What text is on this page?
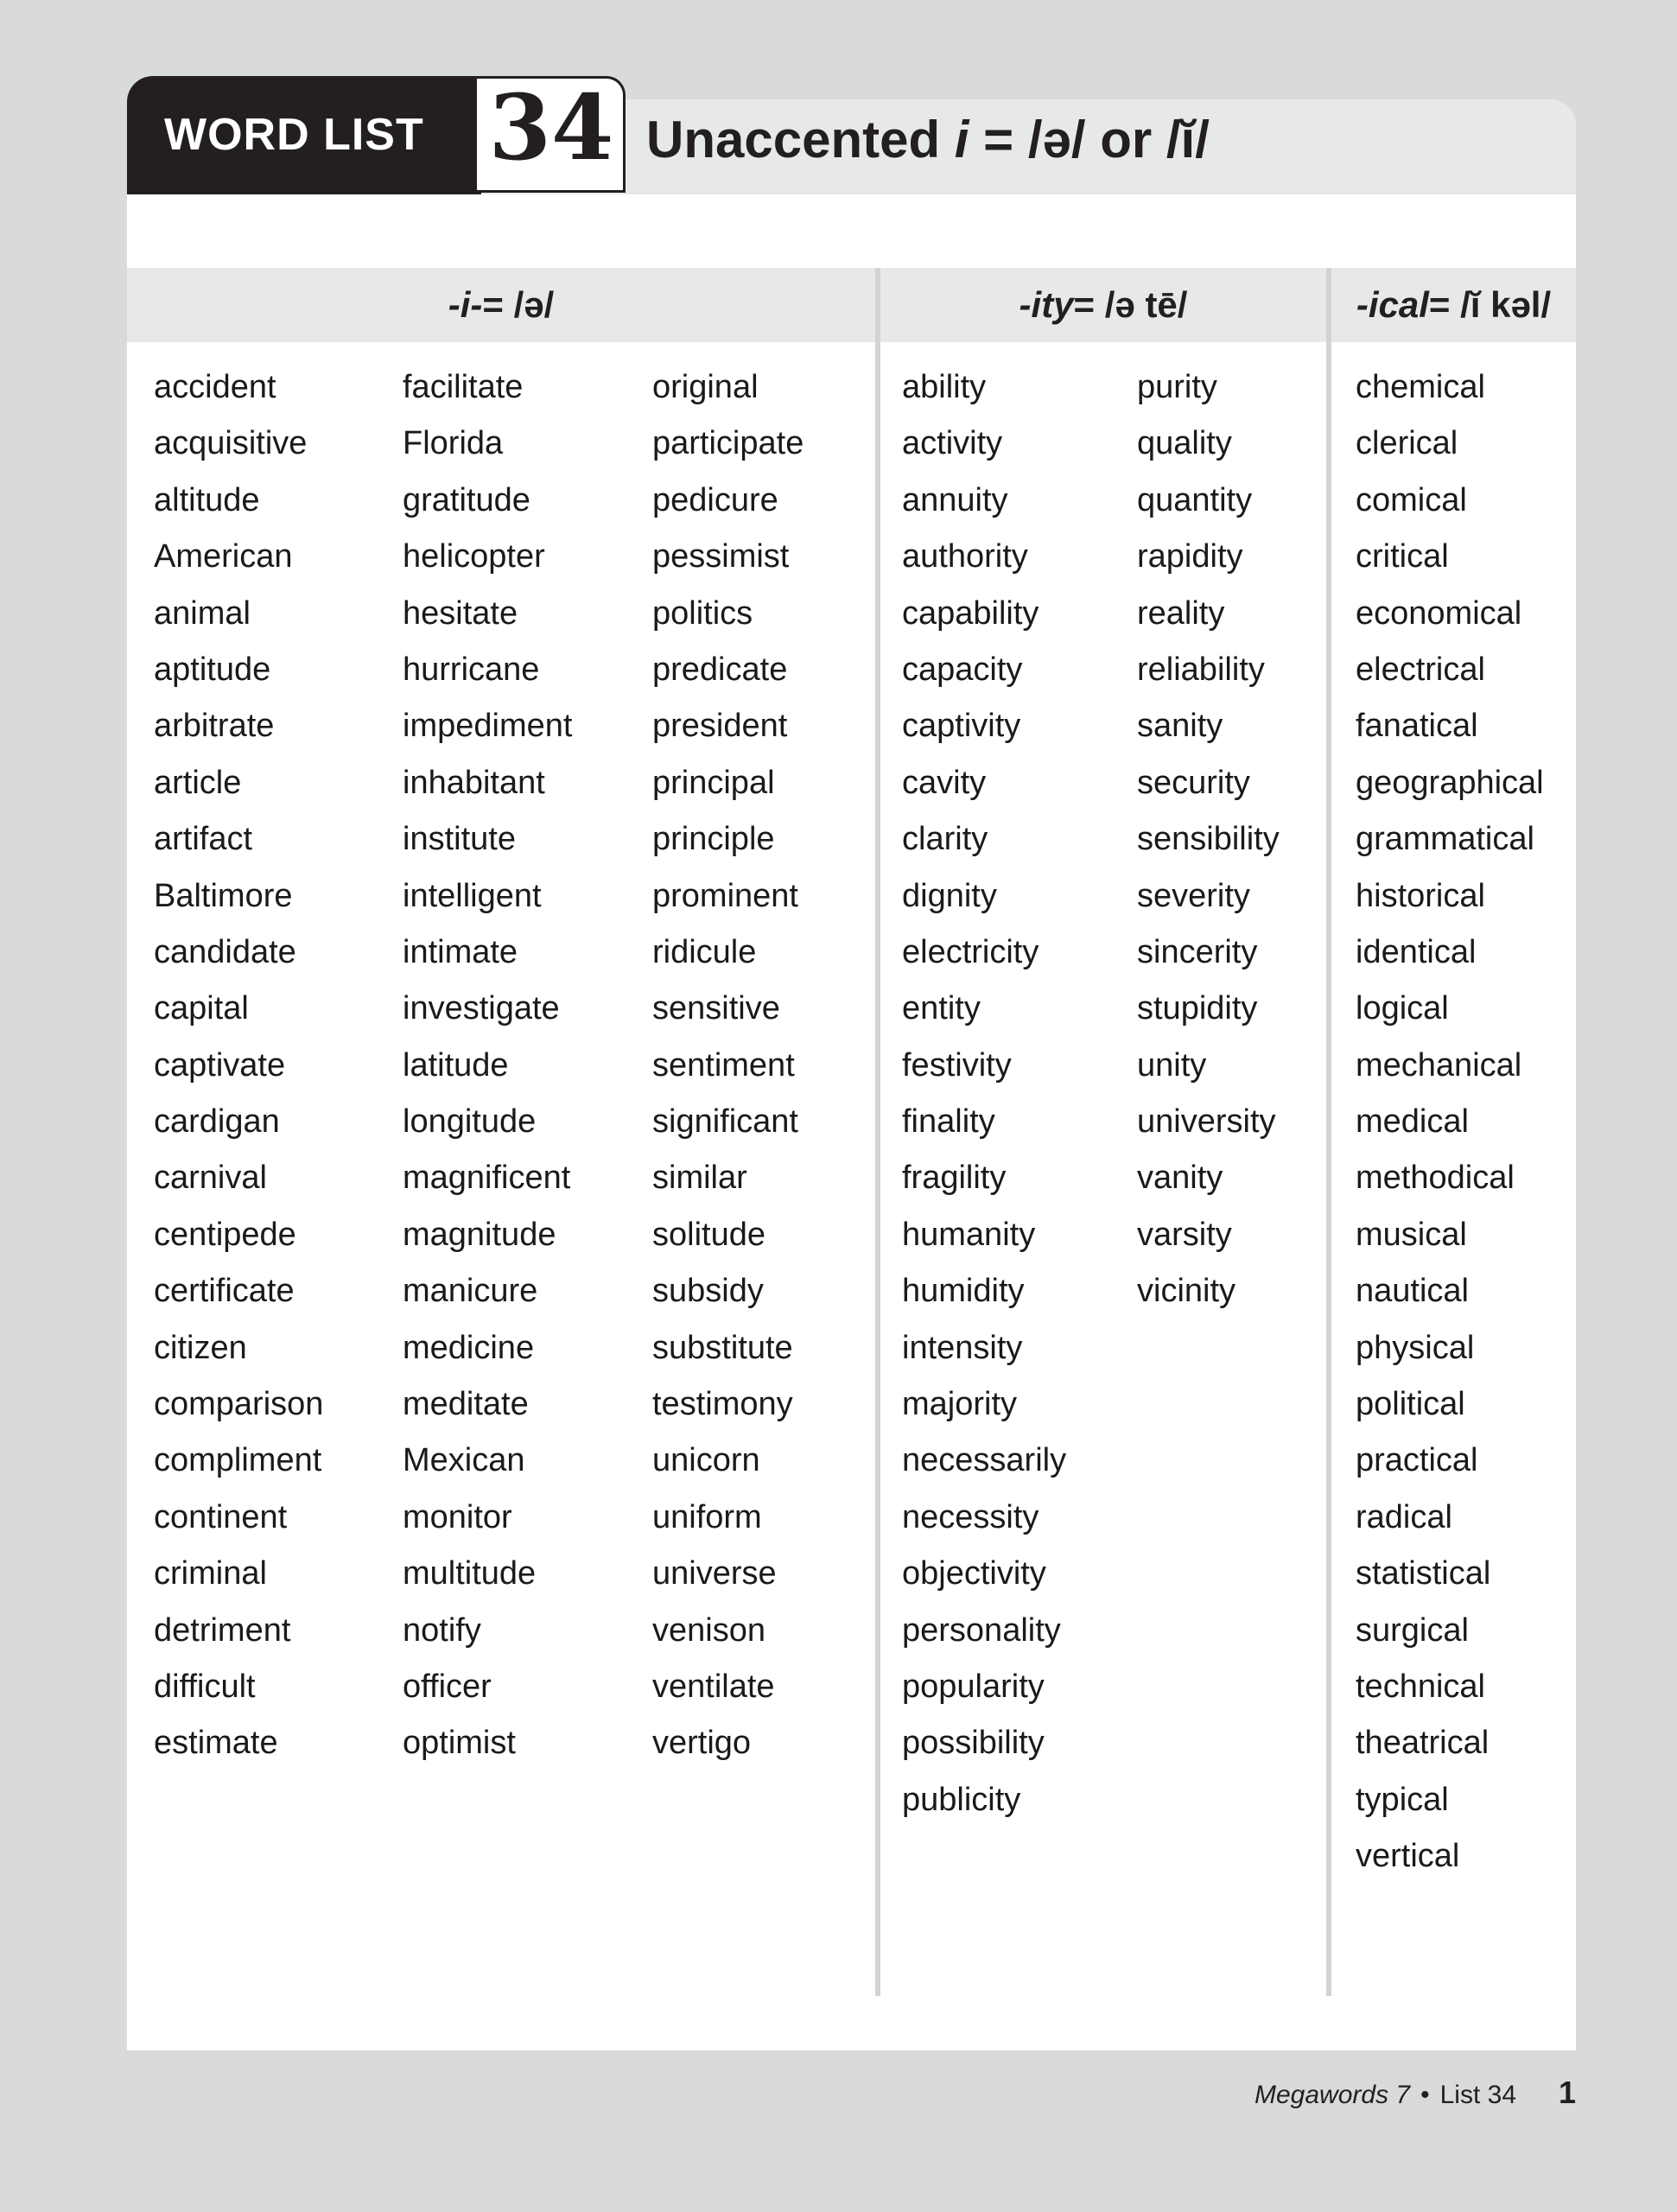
WORD LIST 34 Unaccented i = /ə/ or /ĭ/
-i- = /ə/	-ity = /ə tē/	-ical = /ĭ kəl/
accident
acquisitive
altitude
American
animal
aptitude
arbitrate
article
artifact
Baltimore
candidate
capital
captivate
cardigan
carnival
centipede
certificate
citizen
comparison
compliment
continent
criminal
detriment
difficult
estimate
facilitate
Florida
gratitude
helicopter
hesitate
hurricane
impediment
inhabitant
institute
intelligent
intimate
investigate
latitude
longitude
magnificent
magnitude
manicure
medicine
meditate
Mexican
monitor
multitude
notify
officer
optimist
original
participate
pedicure
pessimist
politics
predicate
president
principal
principle
prominent
ridicule
sensitive
sentiment
significant
similar
solitude
subsidy
substitute
testimony
unicorn
uniform
universe
venison
ventilate
vertigo
ability
activity
annuity
authority
capability
capacity
captivity
cavity
clarity
dignity
electricity
entity
festivity
finality
fragility
humanity
humidity
intensity
majority
necessarily
necessity
objectivity
personality
popularity
possibility
publicity
purity
quality
quantity
rapidity
reality
reliability
sanity
security
sensibility
severity
sincerity
stupidity
unity
university
vanity
varsity
vicinity
chemical
clerical
comical
critical
economical
electrical
fanatical
geographical
grammatical
historical
identical
logical
mechanical
medical
methodical
musical
nautical
physical
political
practical
radical
statistical
surgical
technical
theatrical
typical
vertical
Megawords 7 • List 34 1
